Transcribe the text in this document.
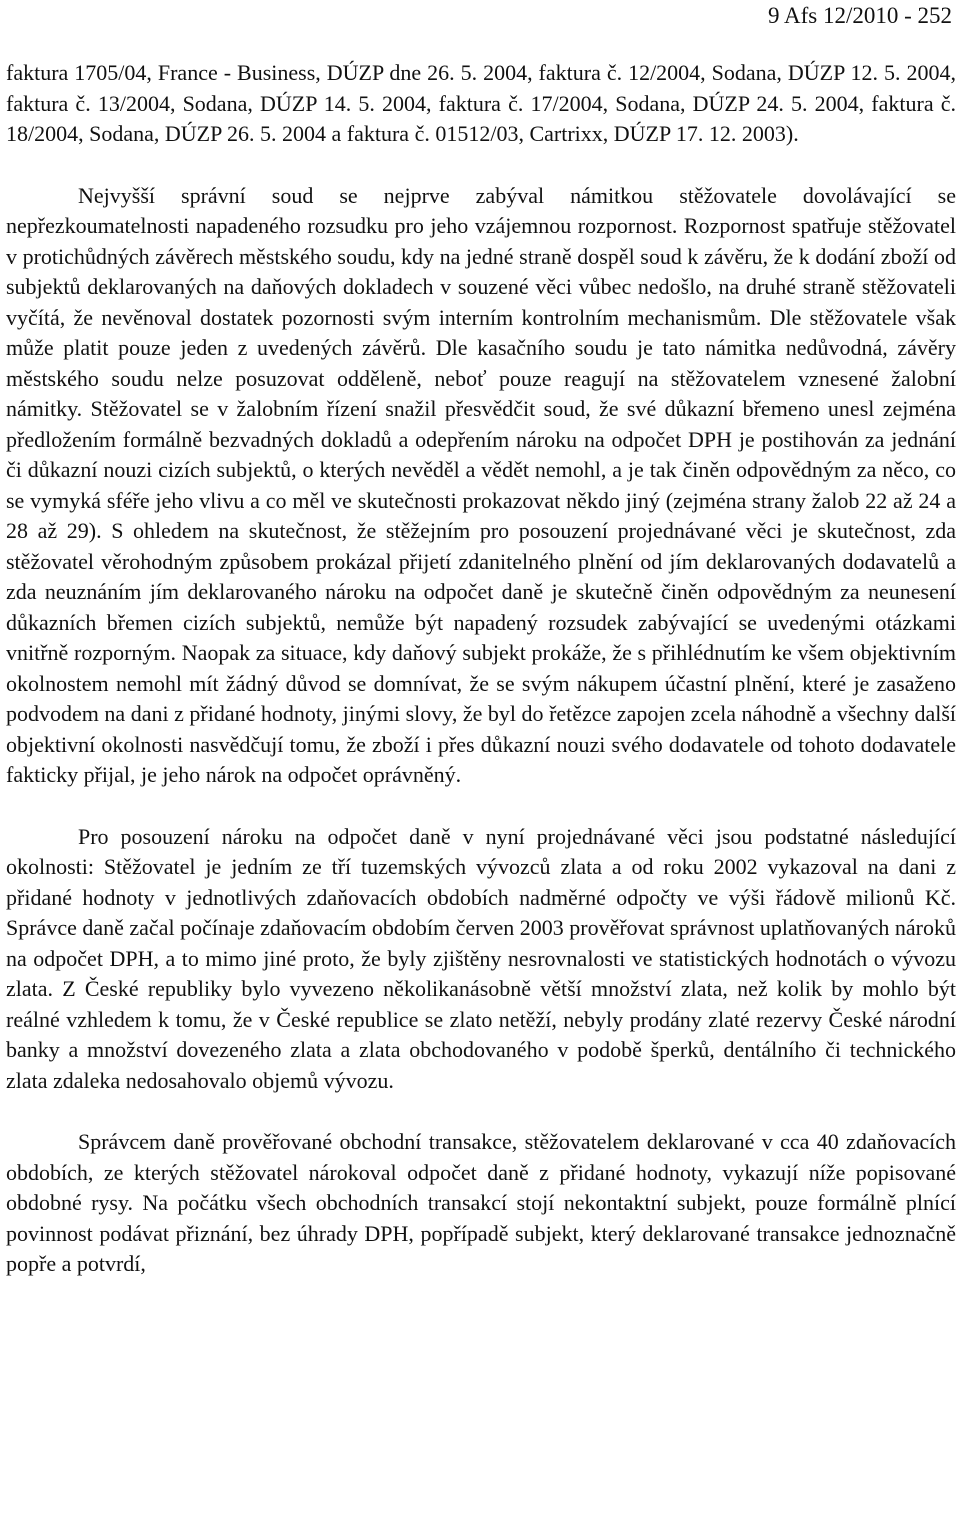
9 Afs 12/2010 - 252

faktura 1705/04, France - Business, DÚZP dne 26. 5. 2004, faktura č. 12/2004, Sodana, DÚZP 12. 5. 2004, faktura č. 13/2004, Sodana, DÚZP 14. 5. 2004, faktura č. 17/2004, Sodana, DÚZP 24. 5. 2004, faktura č. 18/2004, Sodana, DÚZP 26. 5. 2004 a faktura č. 01512/03, Cartrixx, DÚZP 17. 12. 2003).

Nejvyšší správní soud se nejprve zabýval námitkou stěžovatele dovolávající se nepřezkoumatelnosti napadeného rozsudku pro jeho vzájemnou rozpornost. Rozpornost spatřuje stěžovatel v protichůdných závěrech městského soudu, kdy na jedné straně dospěl soud k závěru, že k dodání zboží od subjektů deklarovaných na daňových dokladech v souzené věci vůbec nedošlo, na druhé straně stěžovateli vyčítá, že nevěnoval dostatek pozornosti svým interním kontrolním mechanismům. Dle stěžovatele však může platit pouze jeden z uvedených závěrů. Dle kasačního soudu je tato námitka nedůvodná, závěry městského soudu nelze posuzovat odděleně, neboť pouze reagují na stěžovatelem vznesené žalobní námitky. Stěžovatel se v žalobním řízení snažil přesvědčit soud, že své důkazní břemeno unesl zejména předložením formálně bezvadných dokladů a odepřením nároku na odpočet DPH je postihován za jednání či důkazní nouzi cizích subjektů, o kterých nevěděl a vědět nemohl, a je tak činěn odpovědným za něco, co se vymyká sféře jeho vlivu a co měl ve skutečnosti prokazovat někdo jiný (zejména strany žalob 22 až 24 a 28 až 29). S ohledem na skutečnost, že stěžejním pro posouzení projednávané věci je skutečnost, zda stěžovatel věrohodným způsobem prokázal přijetí zdanitelného plnění od jím deklarovaných dodavatelů a zda neuznáním jím deklarovaného nároku na odpočet daně je skutečně činěn odpovědným za neunesení důkazních břemen cizích subjektů, nemůže být napadený rozsudek zabývající se uvedenými otázkami vnitřně rozporným. Naopak za situace, kdy daňový subjekt prokáže, že s přihlédnutím ke všem objektivním okolnostem nemohl mít žádný důvod se domnívat, že se svým nákupem účastní plnění, které je zasaženo podvodem na dani z přidané hodnoty, jinými slovy, že byl do řetězce zapojen zcela náhodně a všechny další objektivní okolnosti nasvědčují tomu, že zboží i přes důkazní nouzi svého dodavatele od tohoto dodavatele fakticky přijal, je jeho nárok na odpočet oprávněný.

Pro posouzení nároku na odpočet daně v nyní projednávané věci jsou podstatné následující okolnosti: Stěžovatel je jedním ze tří tuzemských vývozců zlata a od roku 2002 vykazoval na dani z přidané hodnoty v jednotlivých zdaňovacích obdobích nadměrné odpočty ve výši řádově milionů Kč. Správce daně začal počínaje zdaňovacím obdobím červen 2003 prověřovat správnost uplatňovaných nároků na odpočet DPH, a to mimo jiné proto, že byly zjištěny nesrovnalosti ve statistických hodnotách o vývozu zlata. Z České republiky bylo vyvezeno několikanásobně větší množství zlata, než kolik by mohlo být reálné vzhledem k tomu, že v České republice se zlato netěží, nebyly prodány zlaté rezervy České národní banky a množství dovezeného zlata a zlata obchodovaného v podobě šperků, dentálního či technického zlata zdaleka nedosahovalo objemů vývozu.

Správcem daně prověřované obchodní transakce, stěžovatelem deklarované v cca 40 zdaňovacích obdobích, ze kterých stěžovatel nárokoval odpočet daně z přidané hodnoty, vykazují níže popisované obdobné rysy. Na počátku všech obchodních transakcí stojí nekontaktní subjekt, pouze formálně plnící povinnost podávat přiznání, bez úhrady DPH, popřípadě subjekt, který deklarované transakce jednoznačně popře a potvrdí,
